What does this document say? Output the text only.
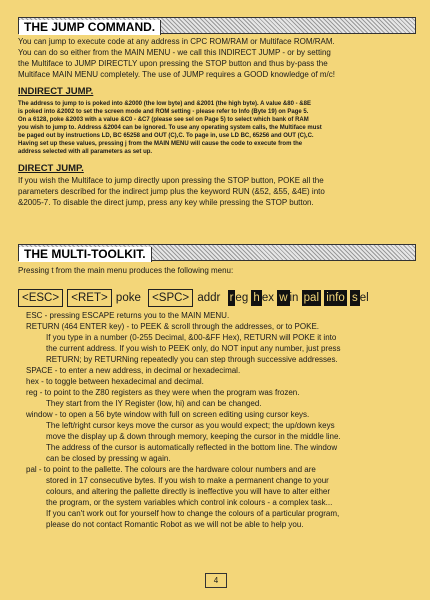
THE JUMP COMMAND.
You can jump to execute code at any address in CPC ROM/RAM or Multiface ROM/RAM.
You can do so either from the MAIN MENU - we call this INDIRECT JUMP - or by setting
the Multiface to JUMP DIRECTLY upon pressing the STOP button and thus by-pass the
Multiface MAIN MENU completely. The use of JUMP requires a GOOD knowledge of m/c!
INDIRECT JUMP.
The address to jump to is poked into &2000 (the low byte) and &2001 (the high byte). A value &80 - &8E
is poked into &2002 to set the screen mode and ROM setting - please refer to Info (Byte 19) on Page 5.
On a 6128, poke &2003 with a value &C0 - &C7 (please see sel on Page 5) to select which bank of RAM
you wish to jump to. Address &2004 can be ignored. To use any operating system calls, the Multiface must
be paged out by instructions LD, BC 65258 and OUT (C),C. To page in, use LD BC, 65256 and OUT (C),C.
Having set up these values, pressing j from the MAIN MENU will cause the code to execute from the
address selected with all parameters as set up.
DIRECT JUMP.
If you wish the Multiface to jump directly upon pressing the STOP button, POKE all the
parameters described for the indirect jump plus the keyword RUN (&52, &55, &4E) into
&2005-7. To disable the direct jump, press any key while pressing the STOP button.
THE MULTI-TOOLKIT.
Pressing t from the main menu produces the following menu:
<ESC> <RET> poke <SPC> addr r eg h ex w in pal info s el
ESC - pressing ESCAPE returns you to the MAIN MENU.
RETURN (464 ENTER key) - to PEEK & scroll through the addresses, or to POKE.
If you type in a number (0-255 Decimal, &00-&FF Hex), RETURN will POKE it into
the current address. If you wish to PEEK only, do NOT input any number, just press
RETURN; by RETURNing repeatedly you can step through successive addresses.
SPACE - to enter a new address, in decimal or hexadecimal.
hex - to toggle between hexadecimal and decimal.
reg - to point to the Z80 registers as they were when the program was frozen.
They start from the IY Register (low, hi) and can be changed.
window - to open a 56 byte window with full on screen editing using cursor keys.
The left/right cursor keys move the cursor as you would expect; the up/down keys
move the display up & down through memory, keeping the cursor in the middle line.
The address of the cursor is automatically reflected in the bottom line. The window
can be closed by pressing w again.
pal - to point to the pallette. The colours are the hardware colour numbers and are
stored in 17 consecutive bytes. If you wish to make a permanent change to your
colours, and altering the pallette directly is ineffective you will have to alter either
the program, or the system variables which control ink colours - a complex task...
If you can't work out for yourself how to change the colours of a particular program,
please do not contact Romantic Robot as we will not be able to help you.
4
